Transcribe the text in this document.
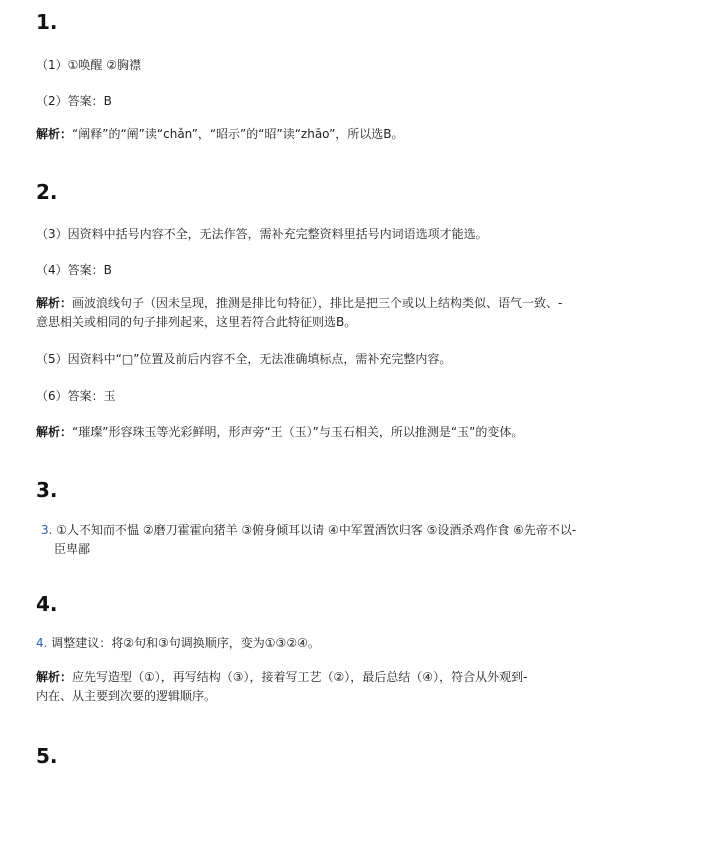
1.

（1）①唤醒 ②胸襟

（2）答案：B

解析：“阐释”的“阐”读“chǎn”，“昭示”的“昭”读“zhāo”，所以选B。

2.

（3）因资料中括号内容不全，无法作答，需补充完整资料里括号内词语选项才能选。

（4）答案：B

解析：画波浪线句子（因未呈现，推测是排比句特征），排比是把三个或以上结构类似、语气一致、-
意思相关或相同的句子排列起来，这里若符合此特征则选B。

（5）因资料中“□”位置及前后内容不全，无法准确填标点，需补充完整内容。

（6）答案：玉

解析：“璀璨”形容珠玉等光彩鲜明，形声旁“王（玉）”与玉石相关，所以推测是“玉”的变体。

3.

3. ①人不知而不愠 ②磨刀霍霍向猪羊 ③俯身倾耳以请 ④中军置酒饮归客 ⑤设酒杀鸡作食 ⑥先帝不以-
臣卑鄙

4.

4. 调整建议：将②句和③句调换顺序，变为①③②④。

解析：应先写造型（①），再写结构（③），接着写工艺（②），最后总结（④），符合从外观到-
内在、从主要到次要的逻辑顺序。

5.
